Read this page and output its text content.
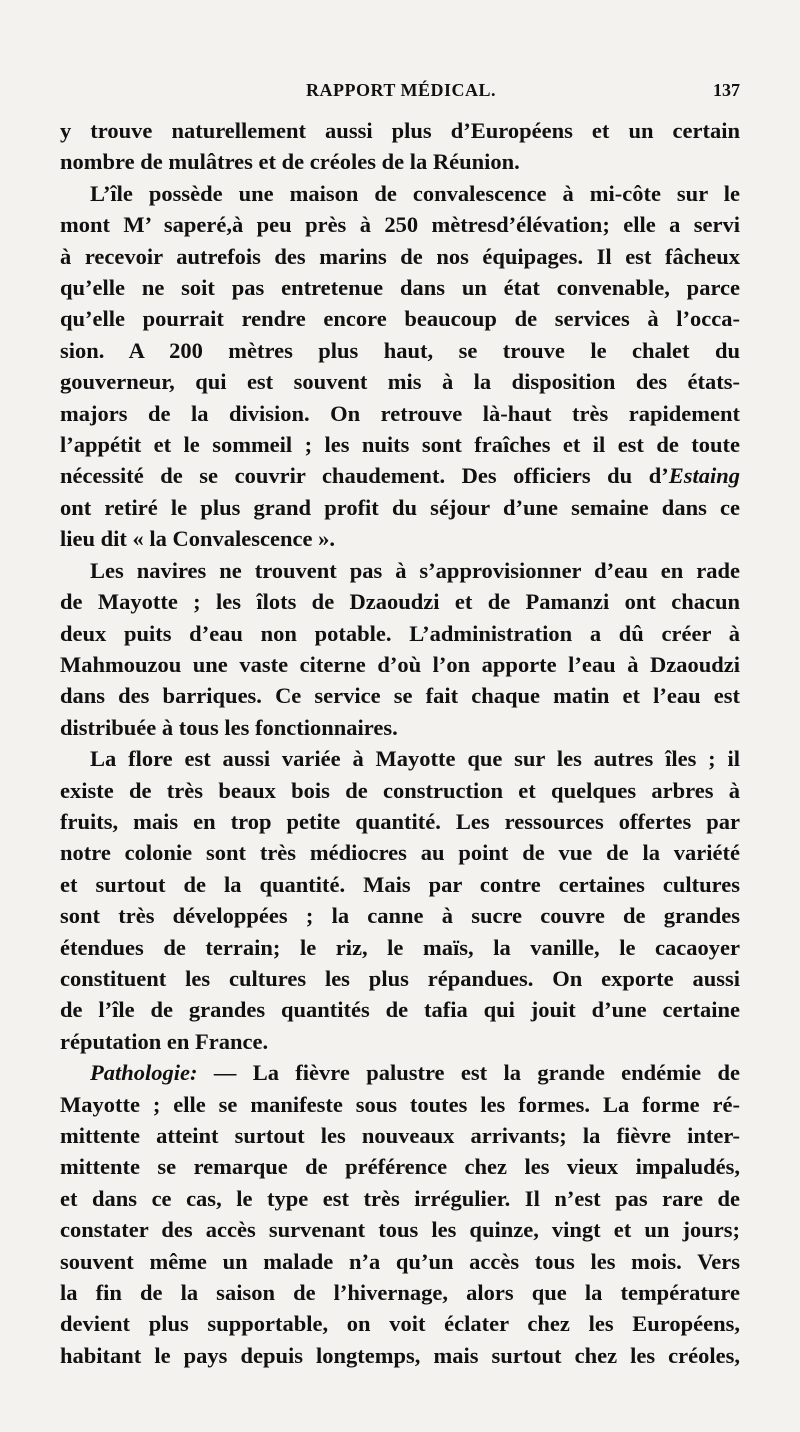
RAPPORT MÉDICAL.	137

y trouve naturellement aussi plus d’Européens et un certain
nombre de mulâtres et de créoles de la Réunion.

L’île possède une maison de convalescence à mi-côte sur le
mont M’ saperé,à peu près à 250 mètresd’élévation; elle a servi
à recevoir autrefois des marins de nos équipages. Il est fâcheux
qu’elle ne soit pas entretenue dans un état convenable, parce
qu’elle pourrait rendre encore beaucoup de services à l’occa-
sion. A 200 mètres plus haut, se trouve le chalet du
gouverneur, qui est souvent mis à la disposition des états-
majors de la division. On retrouve là-haut très rapidement
l’appétit et le sommeil ; les nuits sont fraîches et il est de toute
nécessité de se couvrir chaudement. Des officiers du d’Estaing
ont retiré le plus grand profit du séjour d’une semaine dans ce
lieu dit « la Convalescence ».

Les navires ne trouvent pas à s’approvisionner d’eau en rade
de Mayotte ; les îlots de Dzaoudzi et de Pamanzi ont chacun
deux puits d’eau non potable. L’administration a dû créer à
Mahmouzou une vaste citerne d’où l’on apporte l’eau à Dzaoudzi
dans des barriques. Ce service se fait chaque matin et l’eau est
distribuée à tous les fonctionnaires.

La flore est aussi variée à Mayotte que sur les autres îles ; il
existe de très beaux bois de construction et quelques arbres à
fruits, mais en trop petite quantité. Les ressources offertes par
notre colonie sont très médiocres au point de vue de la variété
et surtout de la quantité. Mais par contre certaines cultures
sont très développées ; la canne à sucre couvre de grandes
étendues de terrain; le riz, le maïs, la vanille, le cacaoyer
constituent les cultures les plus répandues. On exporte aussi
de l’île de grandes quantités de tafia qui jouit d’une certaine
réputation en France.

Pathologie: — La fièvre palustre est la grande endémie de
Mayotte ; elle se manifeste sous toutes les formes. La forme ré-
mittente atteint surtout les nouveaux arrivants; la fièvre inter-
mittente se remarque de préférence chez les vieux impaludés,
et dans ce cas, le type est très irrégulier. Il n’est pas rare de
constater des accès survenant tous les quinze, vingt et un jours;
souvent même un malade n’a qu’un accès tous les mois. Vers
la fin de la saison de l’hivernage, alors que la température
devient plus supportable, on voit éclater chez les Européens,
habitant le pays depuis longtemps, mais surtout chez les créoles,
